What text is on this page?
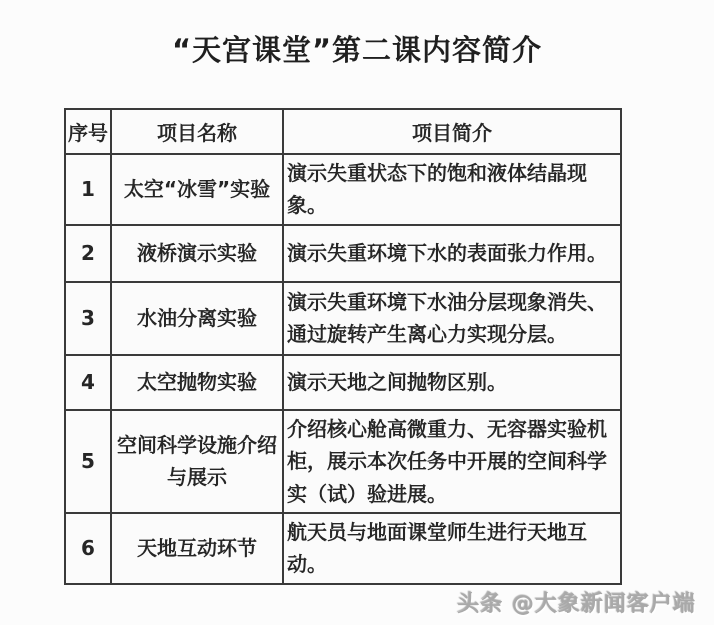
“天宫课堂”第二课内容简介
序号	项目名称	项目简介
1	太空“冰雪”实验	演示失重状态下的饱和液体结晶现象。
2	液桥演示实验	演示失重环境下水的表面张力作用。
3	水油分离实验	演示失重环境下水油分层现象消失、通过旋转产生离心力实现分层。
4	太空抛物实验	演示天地之间抛物区别。
5	空间科学设施介绍与展示	介绍核心舱高微重力、无容器实验机柜，展示本次任务中开展的空间科学实（试）验进展。
6	天地互动环节	航天员与地面课堂师生进行天地互动。
头条 @大象新闻客户端
